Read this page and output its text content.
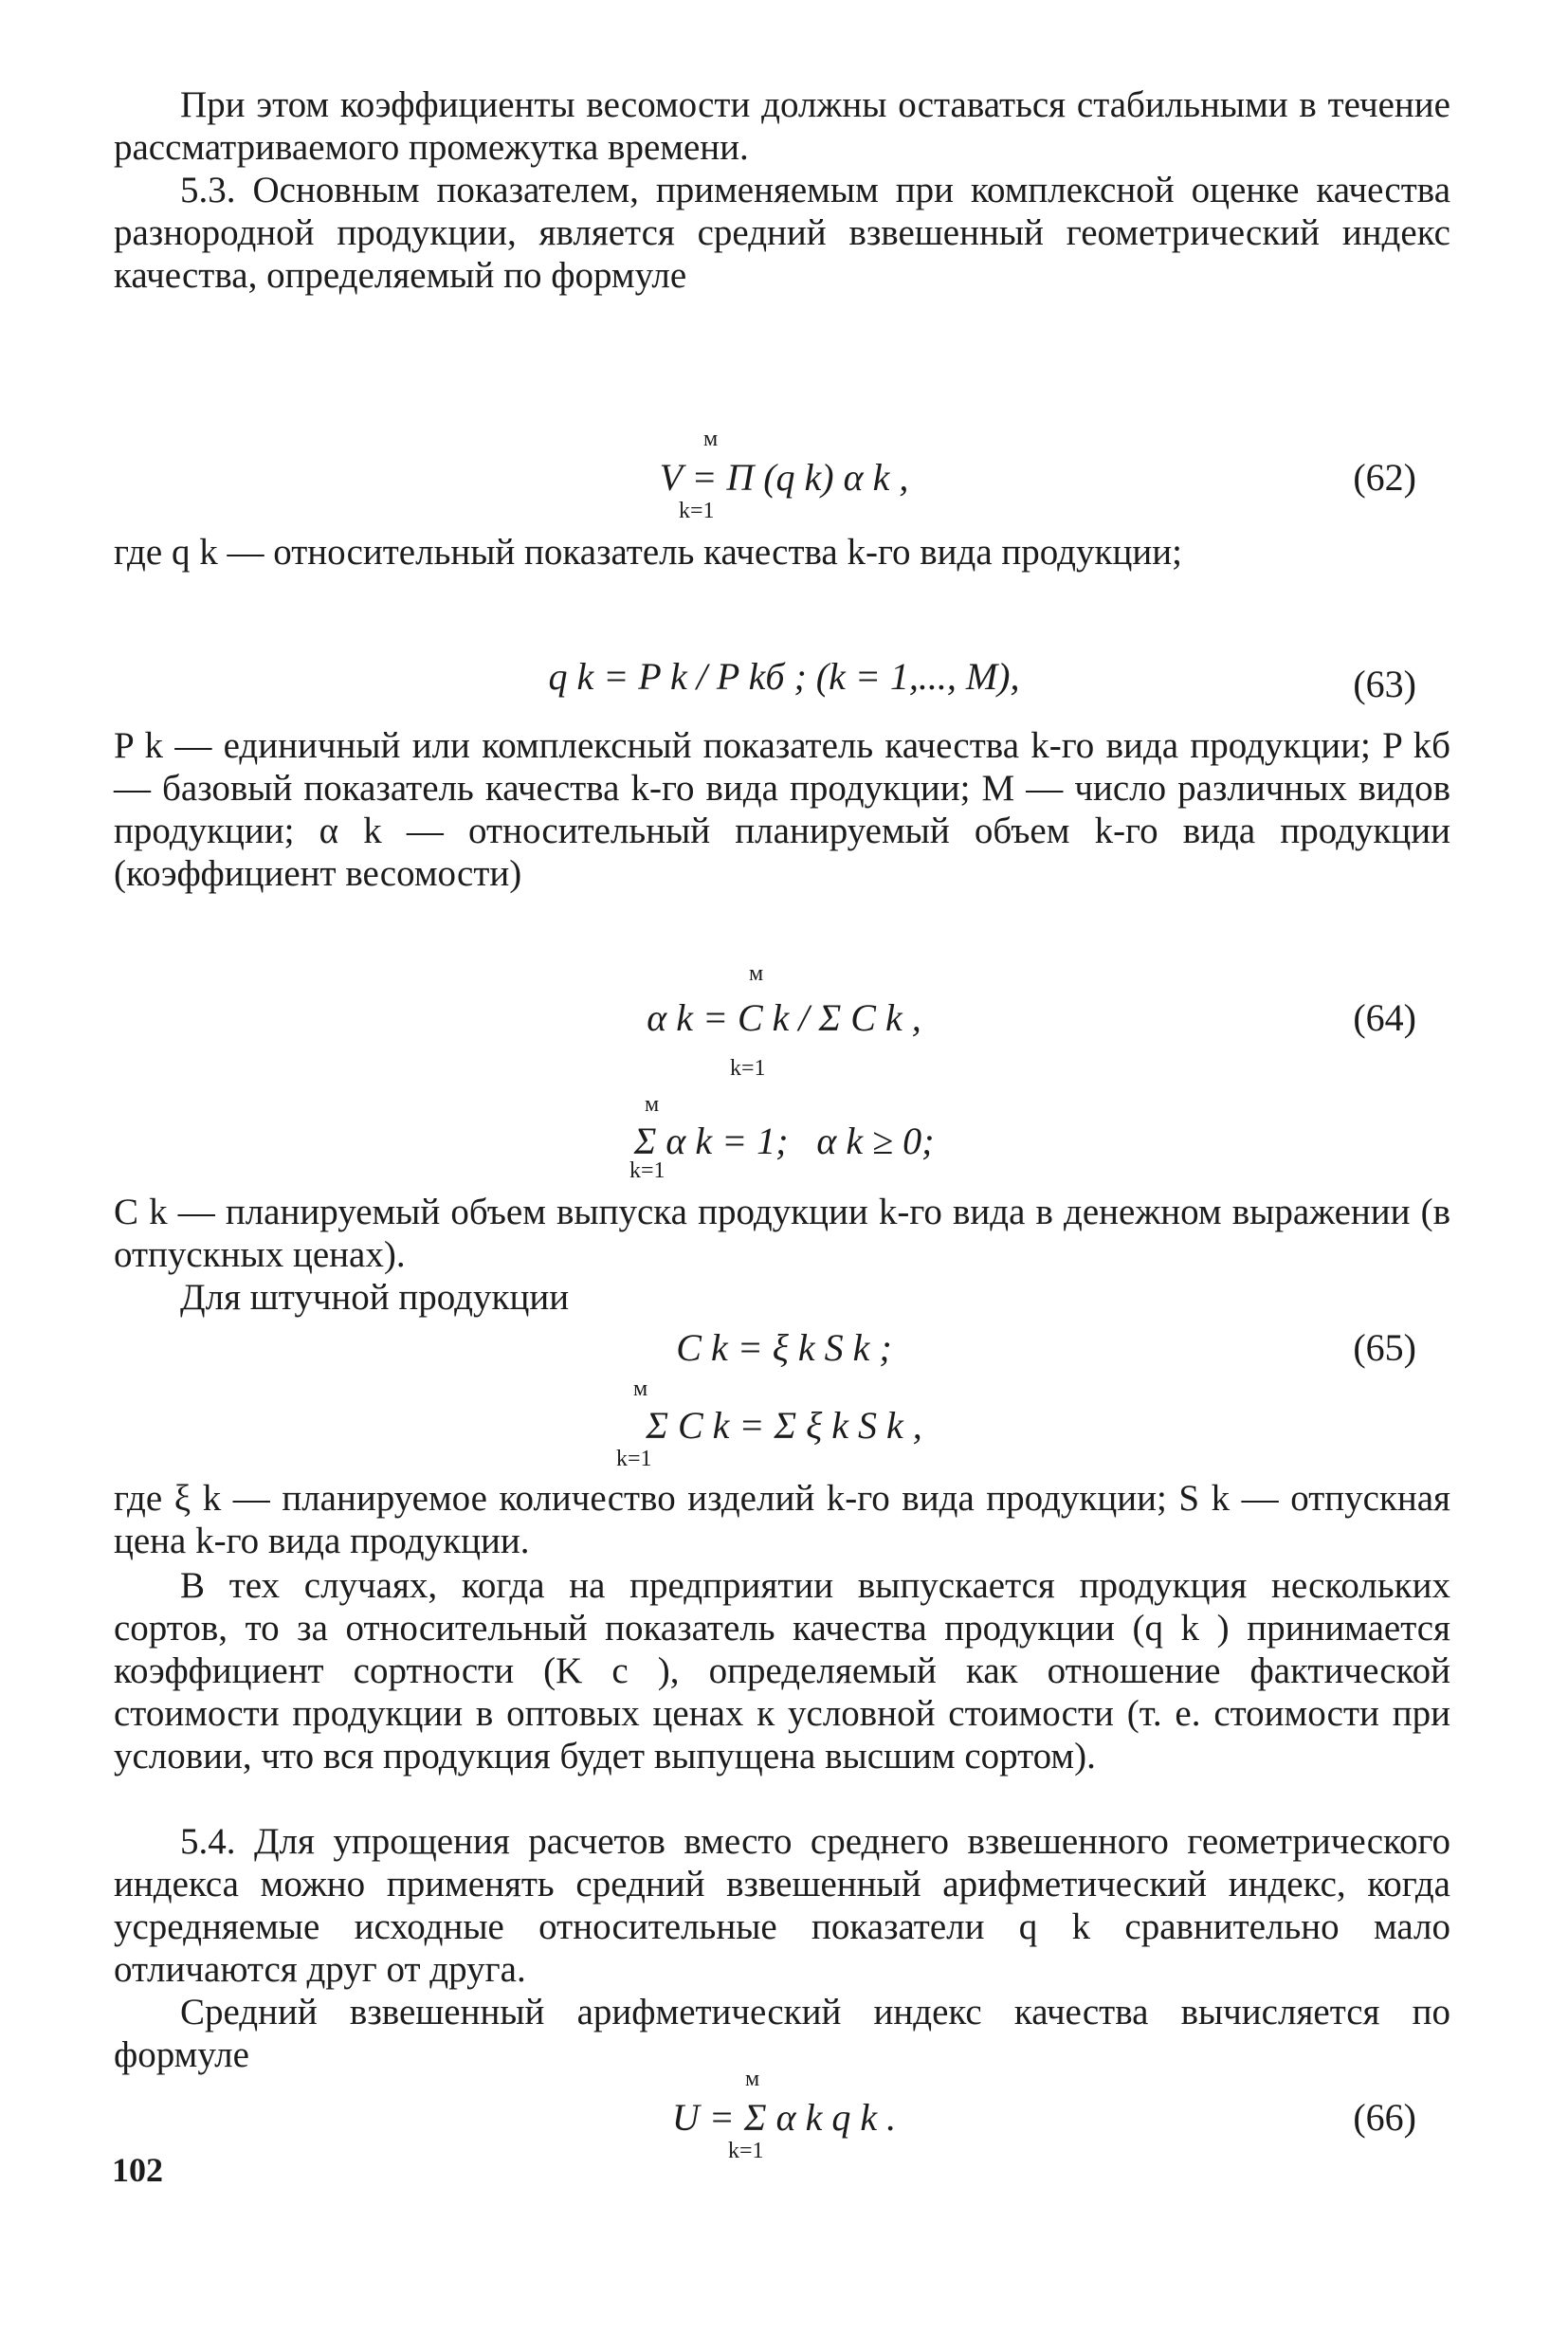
При этом коэффициенты весомости должны оставаться стабильными в течение рассматриваемого промежутка времени.

5.3. Основным показателем, применяемым при комплексной оценке качества разнородной продукции, является средний взвешенный геометрический индекс качества, определяемый по формуле

V = Π (q k) α k ,
м
k=1
(62)

где q k — относительный показатель качества k-го вида продукции;

q k = P k / P kб ; (k = 1,..., M),	(63)

P k — единичный или комплексный показатель качества k-го вида продукции; P kб— базовый показатель качества k-го вида продукции; М — число различных видов продукции; α k — относительный планируемый объем k-го вида продукции (коэффициент весомости)

α k = C k / Σ C k ,
м
k=1
(64)
Σ α k = 1;   α k ≥ 0;
м
k=1

C k — планируемый объем выпуска продукции k-го вида в денежном выражении (в отпускных ценах).

Для штучной продукции

C k = ξ k S k ;	(65)
Σ C k = Σ ξ k S k ,
м
k=1

где ξ k — планируемое количество изделий k-го вида продукции; S k — отпускная цена k-го вида продукции.

В тех случаях, когда на предприятии выпускается продукция нескольких сортов, то за относительный показатель качества продукции (q k ) принимается коэффициент сортности (K с ), определяемый как отношение фактической стоимости продукции в оптовых ценах к условной стоимости (т. е. стоимости при условии, что вся продукция будет выпущена высшим сортом).

5.4. Для упрощения расчетов вместо среднего взвешенного геометрического индекса можно применять средний взвешенный арифметический индекс, когда усредняемые исходные относительные показатели q k сравнительно мало отличаются друг от друга.

Средний взвешенный арифметический индекс качества вычисляется по формуле

U = Σ α k q k .
м
k=1
(66)
102
